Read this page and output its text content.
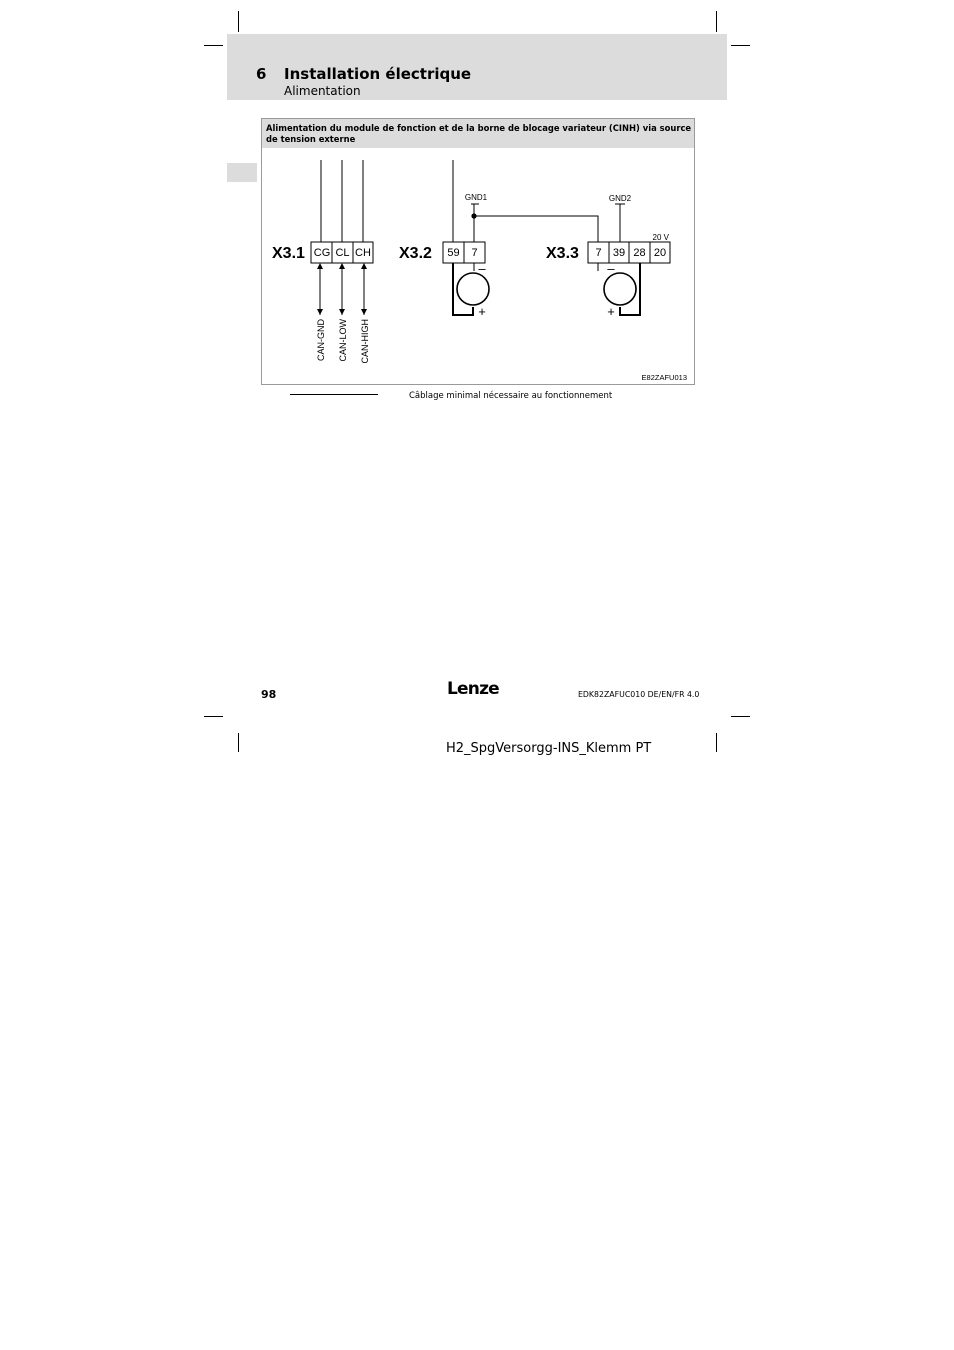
6 Installation électrique
Alimentation
Alimentation du module de fonction et de la borne de blocage variateur (CINH) via source de tension externe
X3.1 CG CL CH
CAN-GND CAN-LOW CAN-HIGH
X3.2 59 7
GND1
–
+
X3.3 7 39 28 20
GND2
20 V
–
+
E82ZAFU013
Câblage minimal nécessaire au fonctionnement
98	Lenze	EDK82ZAFUC010 DE/EN/FR 4.0
H2_SpgVersorgg-INS_Klemm PT
